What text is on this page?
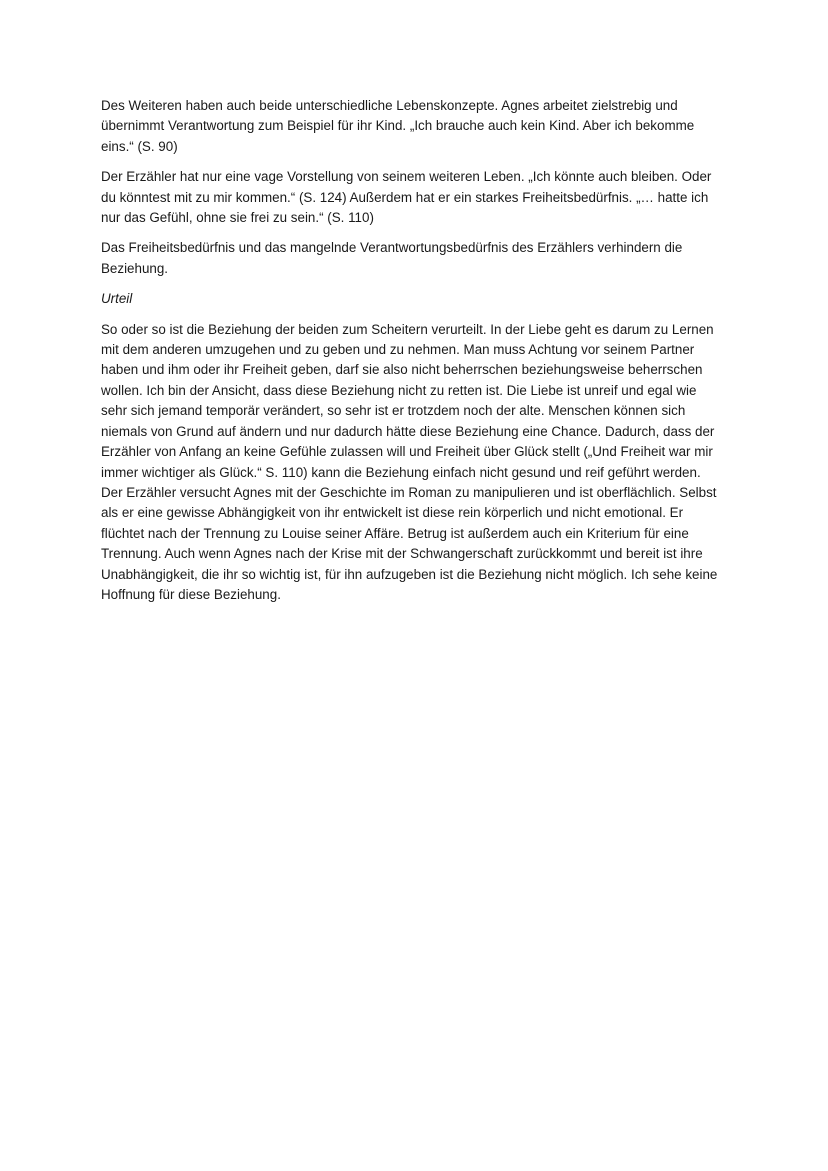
Des Weiteren haben auch beide unterschiedliche Lebenskonzepte. Agnes arbeitet zielstrebig und übernimmt Verantwortung zum Beispiel für ihr Kind. „Ich brauche auch kein Kind. Aber ich bekomme eins.“ (S. 90)

Der Erzähler hat nur eine vage Vorstellung von seinem weiteren Leben. „Ich könnte auch bleiben. Oder du könntest mit zu mir kommen.“ (S. 124) Außerdem hat er ein starkes Freiheitsbedürfnis. „… hatte ich nur das Gefühl, ohne sie frei zu sein.“ (S. 110)

Das Freiheitsbedürfnis und das mangelnde Verantwortungsbedürfnis des Erzählers verhindern die Beziehung.

Urteil

So oder so ist die Beziehung der beiden zum Scheitern verurteilt. In der Liebe geht es darum zu Lernen mit dem anderen umzugehen und zu geben und zu nehmen. Man muss Achtung vor seinem Partner haben und ihm oder ihr Freiheit geben, darf sie also nicht beherrschen beziehungsweise beherrschen wollen. Ich bin der Ansicht, dass diese Beziehung nicht zu retten ist. Die Liebe ist unreif und egal wie sehr sich jemand temporär verändert, so sehr ist er trotzdem noch der alte. Menschen können sich niemals von Grund auf ändern und nur dadurch hätte diese Beziehung eine Chance. Dadurch, dass der Erzähler von Anfang an keine Gefühle zulassen will und Freiheit über Glück stellt („Und Freiheit war mir immer wichtiger als Glück.“ S. 110) kann die Beziehung einfach nicht gesund und reif geführt werden. Der Erzähler versucht Agnes mit der Geschichte im Roman zu manipulieren und ist oberflächlich. Selbst als er eine gewisse Abhängigkeit von ihr entwickelt ist diese rein körperlich und nicht emotional. Er flüchtet nach der Trennung zu Louise seiner Affäre. Betrug ist außerdem auch ein Kriterium für eine Trennung. Auch wenn Agnes nach der Krise mit der Schwangerschaft zurückkommt und bereit ist ihre Unabhängigkeit, die ihr so wichtig ist, für ihn aufzugeben ist die Beziehung nicht möglich. Ich sehe keine Hoffnung für diese Beziehung.
